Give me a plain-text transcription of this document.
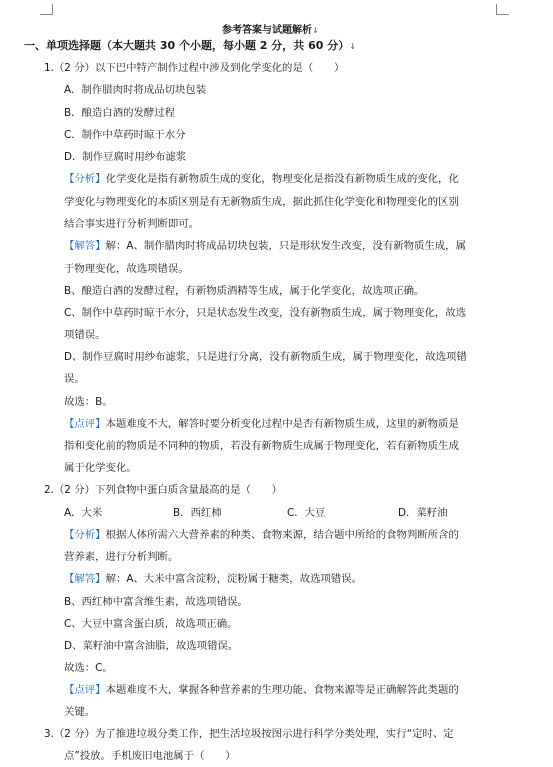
参考答案与试题解析↓
一、单项选择题（本大题共 30 个小题，每小题 2 分，共 60 分）↓
1.（2 分）以下巴中特产制作过程中涉及到化学变化的是（　　）
A．制作腊肉时将成品切块包装
B．酿造白酒的发酵过程
C．制作中草药时晾干水分
D．制作豆腐时用纱布滤浆
【分析】化学变化是指有新物质生成的变化，物理变化是指没有新物质生成的变化，化
学变化与物理变化的本质区别是有无新物质生成，据此抓住化学变化和物理变化的区别
结合事实进行分析判断即可。
【解答】解：A、制作腊肉时将成品切块包装，只是形状发生改变，没有新物质生成，属
于物理变化，故选项错误。
B、酿造白酒的发酵过程，有新物质酒精等生成，属于化学变化，故选项正确。
C、制作中草药时晾干水分，只是状态发生改变，没有新物质生成，属于物理变化，故选
项错误。
D、制作豆腐时用纱布滤浆，只是进行分离，没有新物质生成，属于物理变化，故选项错
误。
故选：B。
【点评】本题难度不大，解答时要分析变化过程中是否有新物质生成，这里的新物质是
指和变化前的物质是不同种的物质，若没有新物质生成属于物理变化，若有新物质生成
属于化学变化。
2.（2 分）下列食物中蛋白质含量最高的是（　　）
A．大米	B．西红柿	C．大豆	D．菜籽油
【分析】根据人体所需六大营养素的种类、食物来源，结合题中所给的食物判断所含的
营养素，进行分析判断。
【解答】解：A、大米中富含淀粉，淀粉属于糖类，故选项错误。
B、西红柿中富含维生素，故选项错误。
C、大豆中富含蛋白质，故选项正确。
D、菜籽油中富含油脂，故选项错误。
故选：C。
【点评】本题难度不大，掌握各种营养素的生理功能、食物来源等是正确解答此类题的
关键。
3.（2 分）为了推进垃圾分类工作，把生活垃圾按图示进行科学分类处理，实行“定时、定
点”投放。手机废旧电池属于（　　）
